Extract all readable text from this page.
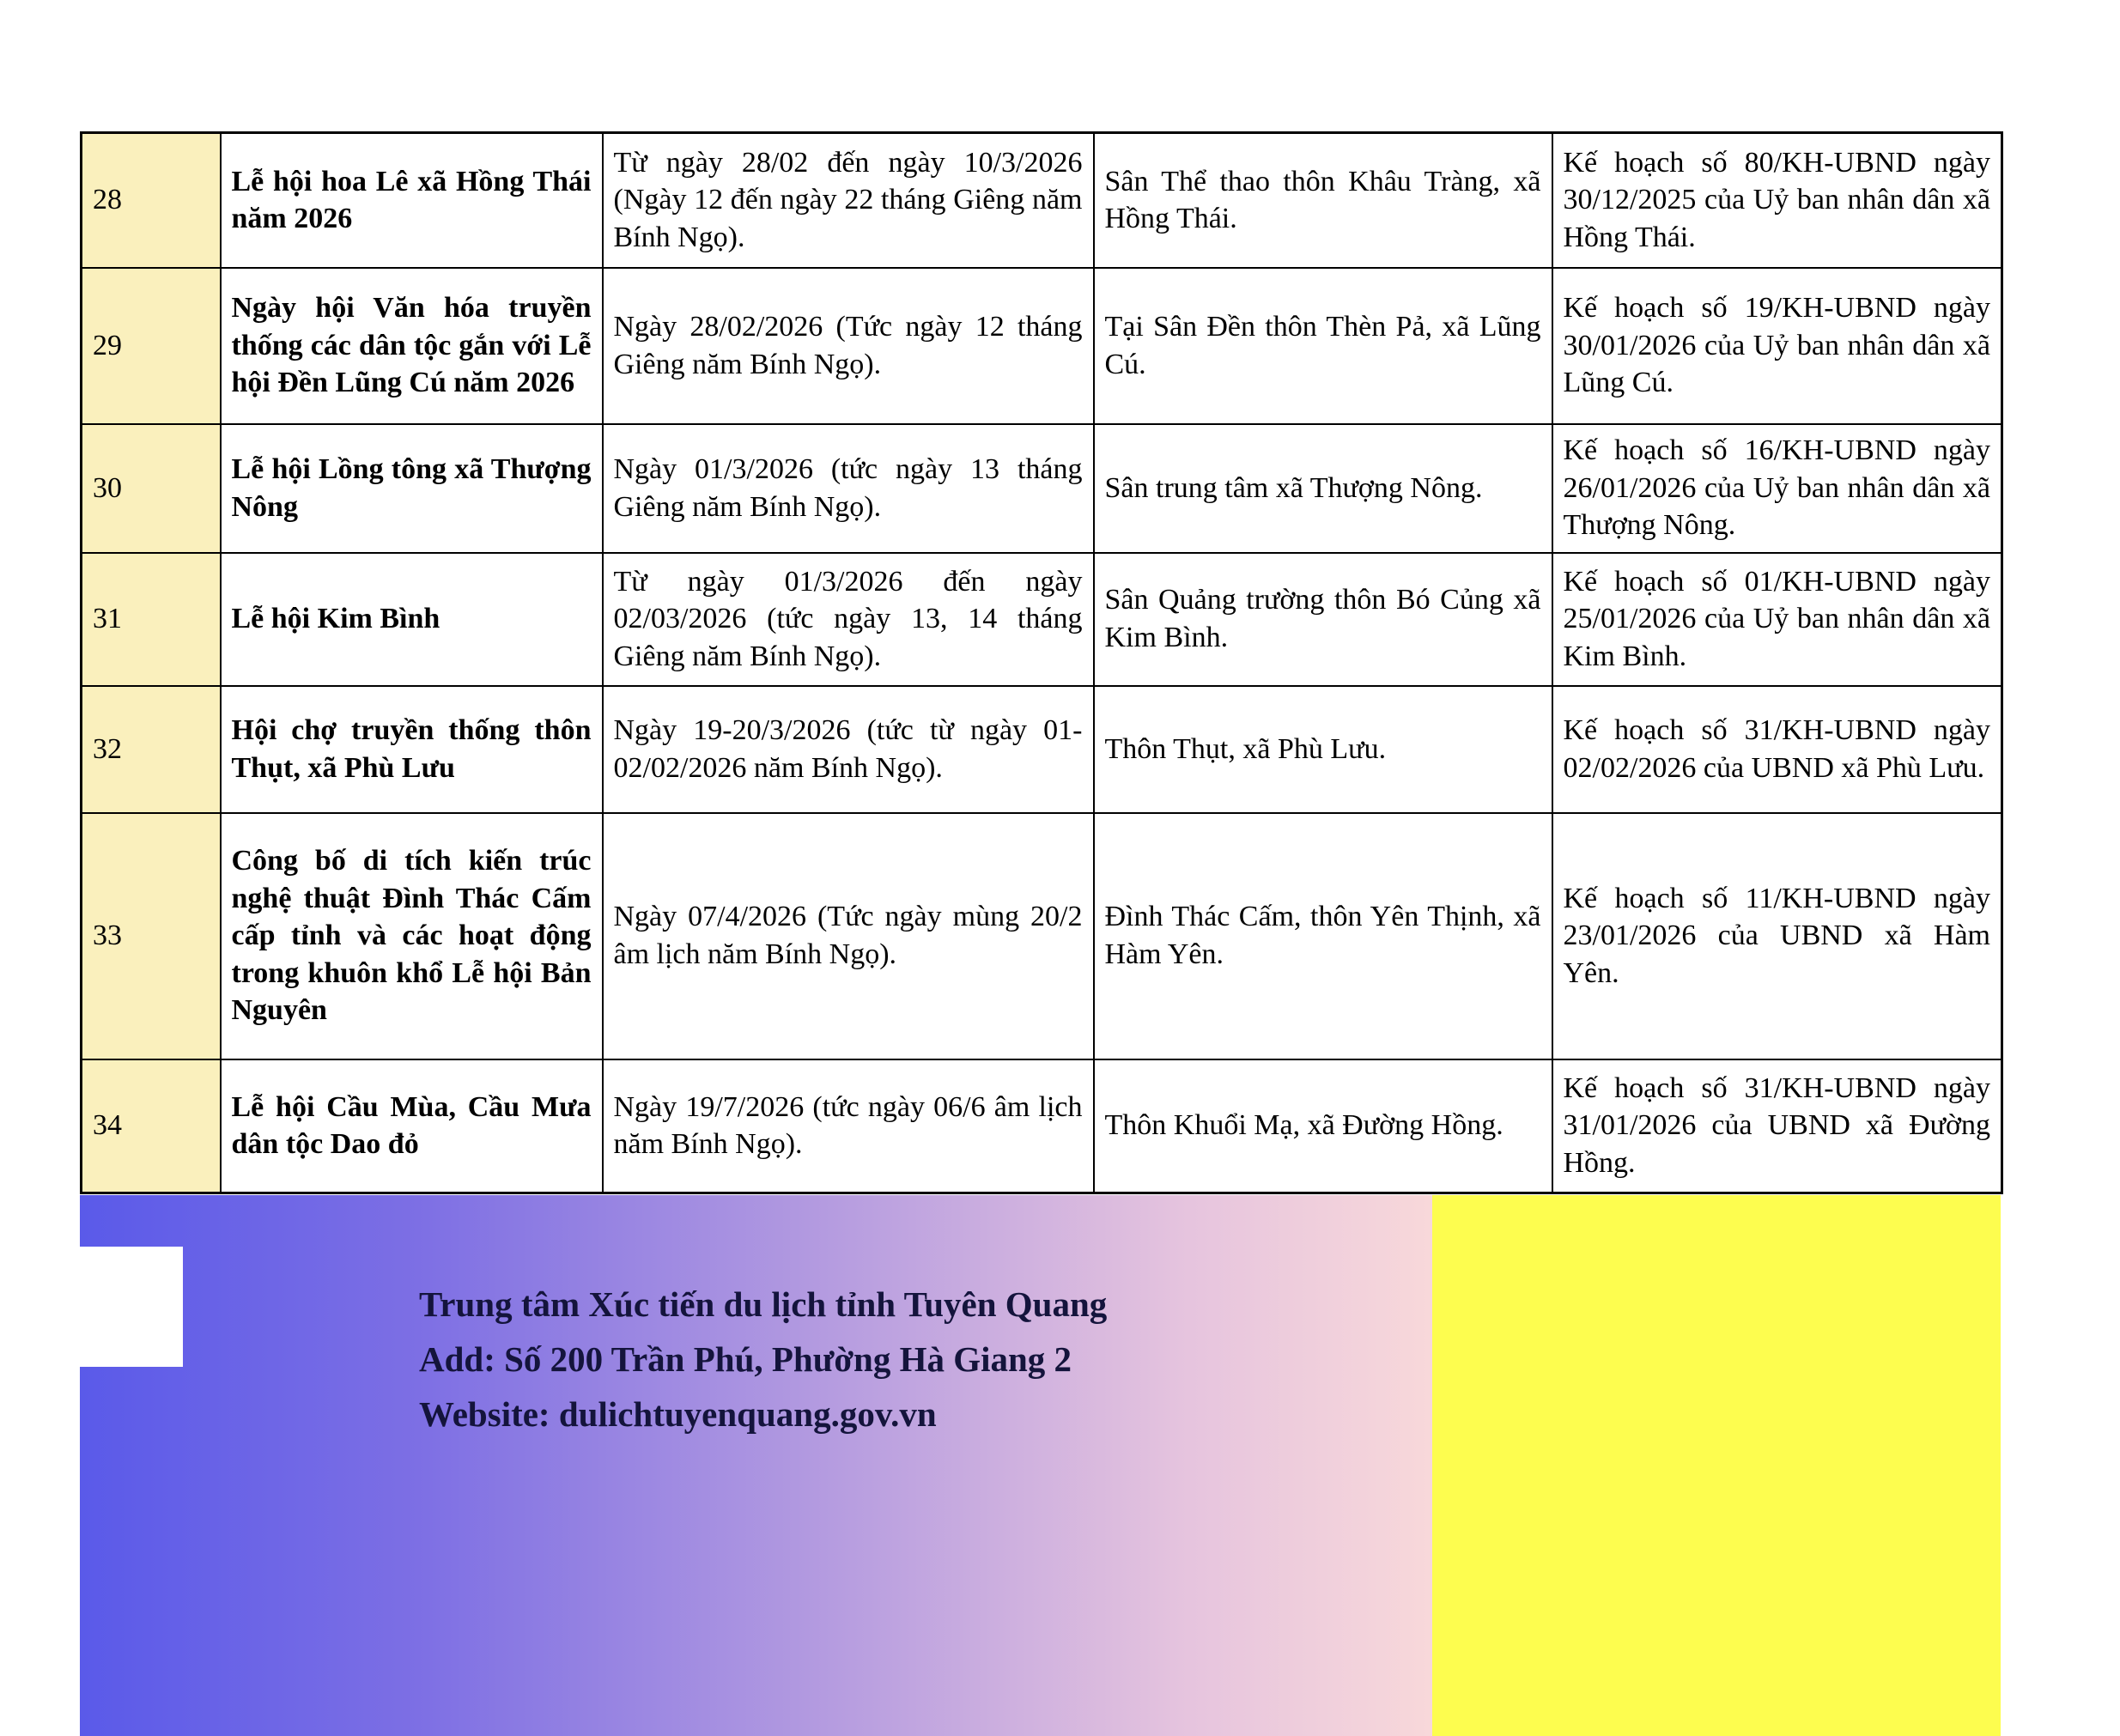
28	Lễ hội hoa Lê xã Hồng Thái năm 2026	Từ ngày 28/02 đến ngày 10/3/2026 (Ngày 12 đến ngày 22 tháng Giêng năm Bính Ngọ).	Sân Thể thao thôn Khâu Tràng, xã Hồng Thái.	Kế hoạch số 80/KH-UBND ngày 30/12/2025 của Uỷ ban nhân dân xã Hồng Thái.
29	Ngày hội Văn hóa truyền thống các dân tộc gắn với Lễ hội Đền Lũng Cú năm 2026	Ngày 28/02/2026 (Tức ngày 12 tháng Giêng năm Bính Ngọ).	Tại Sân Đền thôn Thèn Pả, xã Lũng Cú.	Kế hoạch số 19/KH-UBND ngày 30/01/2026 của Uỷ ban nhân dân xã Lũng Cú.
30	Lễ hội Lồng tông xã Thượng Nông	Ngày 01/3/2026 (tức ngày 13 tháng Giêng năm Bính Ngọ).	Sân trung tâm xã Thượng Nông.	Kế hoạch số 16/KH-UBND ngày 26/01/2026 của Uỷ ban nhân dân xã Thượng Nông.
31	Lễ hội Kim Bình	Từ ngày 01/3/2026 đến ngày 02/03/2026 (tức ngày 13, 14 tháng Giêng năm Bính Ngọ).	Sân Quảng trường thôn Bó Củng xã Kim Bình.	Kế hoạch số 01/KH-UBND ngày 25/01/2026 của Uỷ ban nhân dân xã Kim Bình.
32	Hội chợ truyền thống thôn Thụt, xã Phù Lưu	Ngày 19-20/3/2026 (tức từ ngày 01- 02/02/2026 năm Bính Ngọ).	Thôn Thụt, xã Phù Lưu.	Kế hoạch số 31/KH-UBND ngày 02/02/2026 của UBND xã Phù Lưu.
33	Công bố di tích kiến trúc nghệ thuật Đình Thác Cấm cấp tỉnh và các hoạt động trong khuôn khổ Lễ hội Bản Nguyên	Ngày 07/4/2026 (Tức ngày mùng 20/2 âm lịch năm Bính Ngọ).	Đình Thác Cấm, thôn Yên Thịnh, xã Hàm Yên.	Kế hoạch số 11/KH-UBND ngày 23/01/2026 của UBND xã Hàm Yên.
34	Lễ hội Cầu Mùa, Cầu Mưa dân tộc Dao đỏ	Ngày 19/7/2026 (tức ngày 06/6 âm lịch năm Bính Ngọ).	Thôn Khuổi Mạ, xã Đường Hồng.	Kế hoạch số 31/KH-UBND ngày 31/01/2026 của UBND xã Đường Hồng.
Trung tâm Xúc tiến du lịch tỉnh Tuyên Quang
Add: Số 200 Trần Phú, Phường Hà Giang 2
Website: dulichtuyenquang.gov.vn
